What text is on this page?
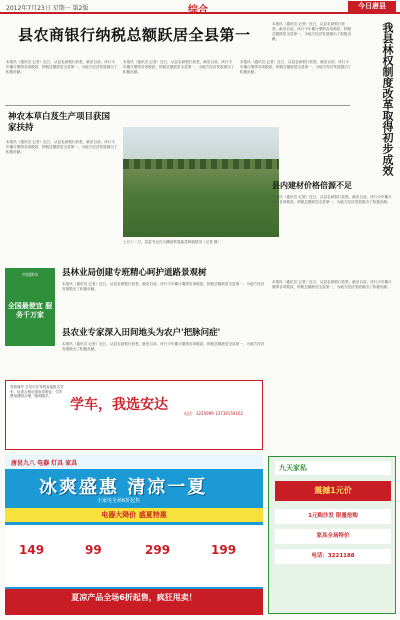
2012年7月23日 星期一 第2版	综合	今日唐县
县农商银行纳税总额跃居全县第一
本报讯（通讯员 记者）近日，从县农商银行获悉，截至目前，该行今年累计缴纳各项税款，纳税总额跃居全县第一，为地方经济发展做出了积极贡献。
本报讯（通讯员 记者）近日，从县农商银行获悉，截至目前，该行今年累计缴纳各项税款，纳税总额跃居全县第一，为地方经济发展做出了积极贡献。
本报讯（通讯员 记者）近日，从县农商银行获悉，截至目前，该行今年累计缴纳各项税款，纳税总额跃居全县第一，为地方经济发展做出了积极贡献。
神农本草白芨生产项目获国家扶持
本报讯（通讯员 记者）近日，从县农商银行获悉，截至目前，该行今年累计缴纳各项税款，纳税总额跃居全县第一，为地方经济发展做出了积极贡献。
七月十二日，县委书记在大棚前察看蔬菜种植情况（记者 摄）
我县林权制度改革取得初步成效
本报讯（通讯员 记者）近日，从县农商银行获悉，截至目前，该行今年累计缴纳各项税款，纳税总额跃居全县第一，为地方经济发展做出了积极贡献。
县内建材价格倍源不足
本报讯（通讯员 记者）近日，从县农商银行获悉，截至目前，该行今年累计缴纳各项税款，纳税总额跃居全县第一，为地方经济发展做出了积极贡献。
中国移动
全国最便宜 服务千万家
县林业局创建专班精心呵护道路景观树
本报讯（通讯员 记者）近日，从县农商银行获悉，截至目前，该行今年累计缴纳各项税款，纳税总额跃居全县第一，为地方经济发展做出了积极贡献。
县农业专家深入田间地头为农户'把脉问症'
本报讯（通讯员 记者）近日，从县农商银行获悉，截至目前，该行今年累计缴纳各项税款，纳税总额跃居全县第一，为地方经济发展做出了积极贡献。
本报讯（通讯员 记者）近日，从县农商银行获悉，截至目前，该行今年累计缴纳各项税款，纳税总额跃居全县第一，为地方经济发展做出了积极贡献。
驾校简介 学员可在驾校直接报名学车，培训合格后领取驾驶证，学车费用透明合理，随到随学。
学车，我选安达
电话：3225999 13739159162
唐县九八 电器 灯具 家具
冰爽盛惠 清凉一夏
小家电全场6折起售
电器大降价 盛夏特惠
149	99	299	199
夏凉产品全场6折起售，疯狂甩卖！
九天家私
震撼1元价
1元购沙发 限量抢购
家具全场特价
电话：3221188
